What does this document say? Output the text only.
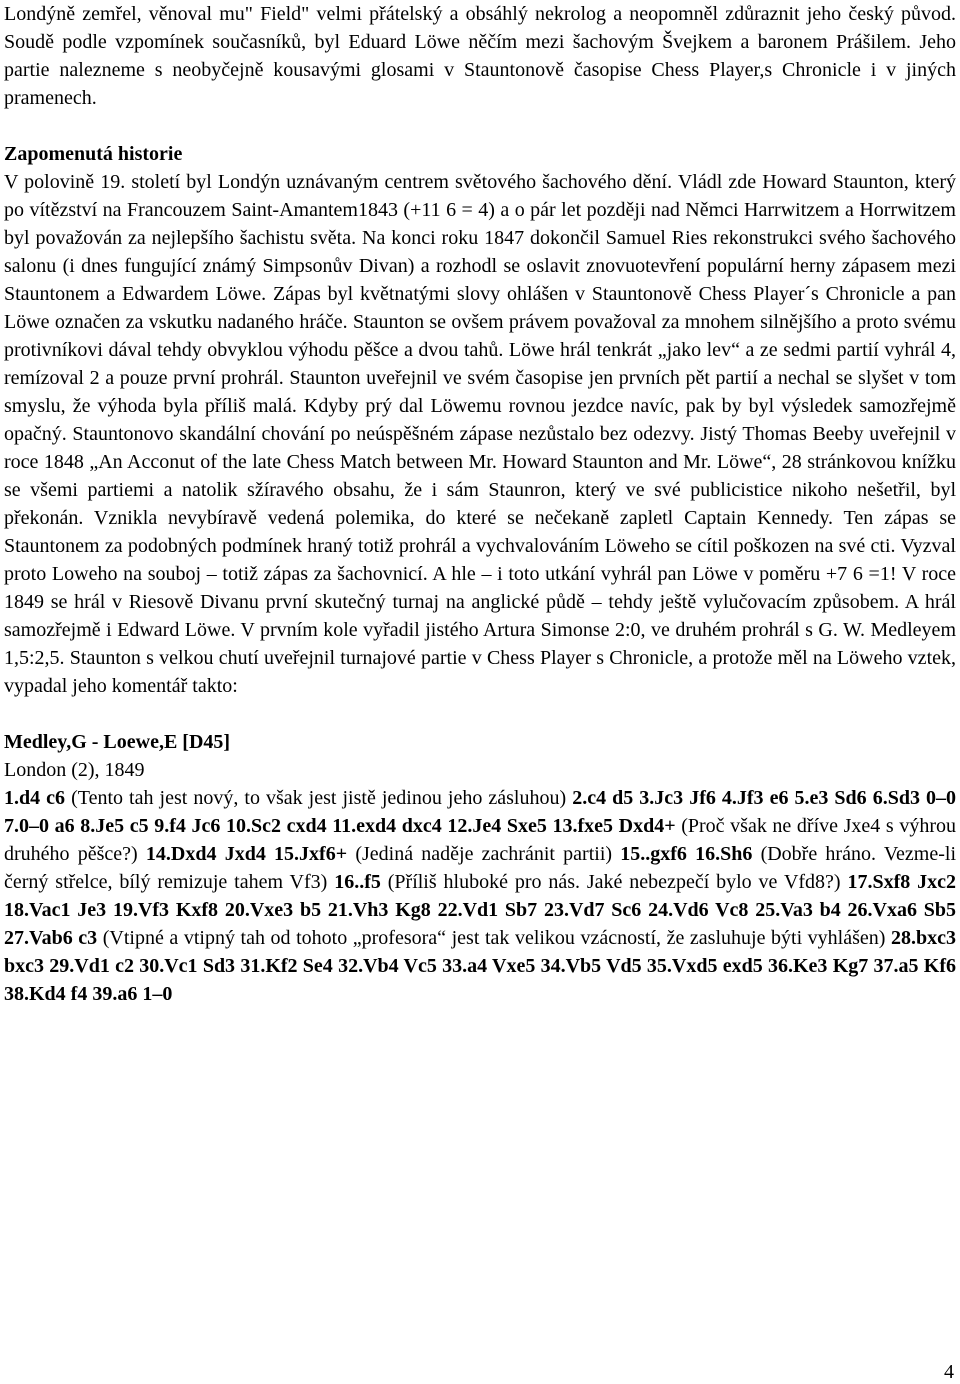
Londýně zemřel, věnoval mu" Field" velmi přátelský a obsáhlý nekrolog a neopomněl zdůraznit jeho český původ. Soudě podle vzpomínek současníků, byl Eduard Löwe něčím mezi šachovým Švejkem a baronem Prášilem. Jeho partie nalezneme s neobyčejně kousavými glosami v Stauntonově časopise Chess Player,s Chronicle i v jiných pramenech.

Zapomenutá historie

V polovině 19. století byl Londýn uznávaným centrem světového šachového dění. Vládl zde Howard Staunton, který po vítězství na Francouzem Saint-Amantem1843 (+11 6 = 4) a o pár let později nad Němci Harrwitzem a Horrwitzem byl považován za nejlepšího šachistu světa. Na konci roku 1847 dokončil Samuel Ries rekonstrukci svého šachového salonu (i dnes fungující známý Simpsonův Divan) a rozhodl se oslavit znovuotevření populární herny zápasem mezi Stauntonem a Edwardem Löwe. Zápas byl květnatými slovy ohlášen v Stauntonově Chess Player´s Chronicle a pan Löwe označen za vskutku nadaného hráče. Staunton se ovšem právem považoval za mnohem silnějšího a proto svému protivníkovi dával tehdy obvyklou výhodu pěšce a dvou tahů. Löwe hrál tenkrát „jako lev“ a ze sedmi partií vyhrál 4, remízoval 2 a pouze první prohrál. Staunton uveřejnil ve svém časopise jen prvních pět partií a nechal se slyšet v tom smyslu, že výhoda byla příliš malá. Kdyby prý dal Löwemu rovnou jezdce navíc, pak by byl výsledek samozřejmě opačný. Stauntonovo skandální chování po neúspěšném zápase nezůstalo bez odezvy. Jistý Thomas Beeby uveřejnil v roce 1848 „An Acconut of the late Chess Match between Mr. Howard Staunton and Mr. Löwe“, 28 stránkovou knížku se všemi partiemi a natolik sžíravého obsahu, že i sám Staunron, který ve své publicistice nikoho nešetřil, byl překonán. Vznikla nevybíravě vedená polemika, do které se nečekaně zapletl Captain Kennedy. Ten zápas se Stauntonem za podobných podmínek hraný totiž prohrál a vychvalováním Löweho se cítil poškozen na své cti. Vyzval proto Loweho na souboj – totiž zápas za šachovnicí. A hle – i toto utkání vyhrál pan Löwe v poměru +7 6 =1! V roce 1849 se hrál v Riesově Divanu první skutečný turnaj na anglické půdě – tehdy ještě vylučovacím způsobem. A hrál samozřejmě i Edward Löwe. V prvním kole vyřadil jistého Artura Simonse 2:0, ve druhém prohrál s G. W. Medleyem 1,5:2,5. Staunton s velkou chutí uveřejnil turnajové partie v Chess Player s Chronicle, a protože měl na Löweho vztek, vypadal jeho komentář takto:

Medley,G - Loewe,E [D45]
London (2), 1849

1.d4 c6 (Tento tah jest nový, to však jest jistě jedinou jeho zásluhou) 2.c4 d5 3.Jc3 Jf6 4.Jf3 e6 5.e3 Sd6 6.Sd3 0–0 7.0–0 a6 8.Je5 c5 9.f4 Jc6 10.Sc2 cxd4 11.exd4 dxc4 12.Je4 Sxe5 13.fxe5 Dxd4+ (Proč však ne dříve Jxe4 s výhrou druhého pěšce?) 14.Dxd4 Jxd4 15.Jxf6+ (Jediná naděje zachránit partii) 15..gxf6 16.Sh6 (Dobře hráno. Vezme-li černý střelce, bílý remizuje tahem Vf3) 16..f5 (Příliš hluboké pro nás. Jaké nebezpečí bylo ve Vfd8?) 17.Sxf8 Jxc2 18.Vac1 Je3 19.Vf3 Kxf8 20.Vxe3 b5 21.Vh3 Kg8 22.Vd1 Sb7 23.Vd7 Sc6 24.Vd6 Vc8 25.Va3 b4 26.Vxa6 Sb5 27.Vab6 c3 (Vtipné a vtipný tah od tohoto „profesora“ jest tak velikou vzácností, že zasluhuje býti vyhlášen) 28.bxc3 bxc3 29.Vd1 c2 30.Vc1 Sd3 31.Kf2 Se4 32.Vb4 Vc5 33.a4 Vxe5 34.Vb5 Vd5 35.Vxd5 exd5 36.Ke3 Kg7 37.a5 Kf6 38.Kd4 f4 39.a6 1–0

4
